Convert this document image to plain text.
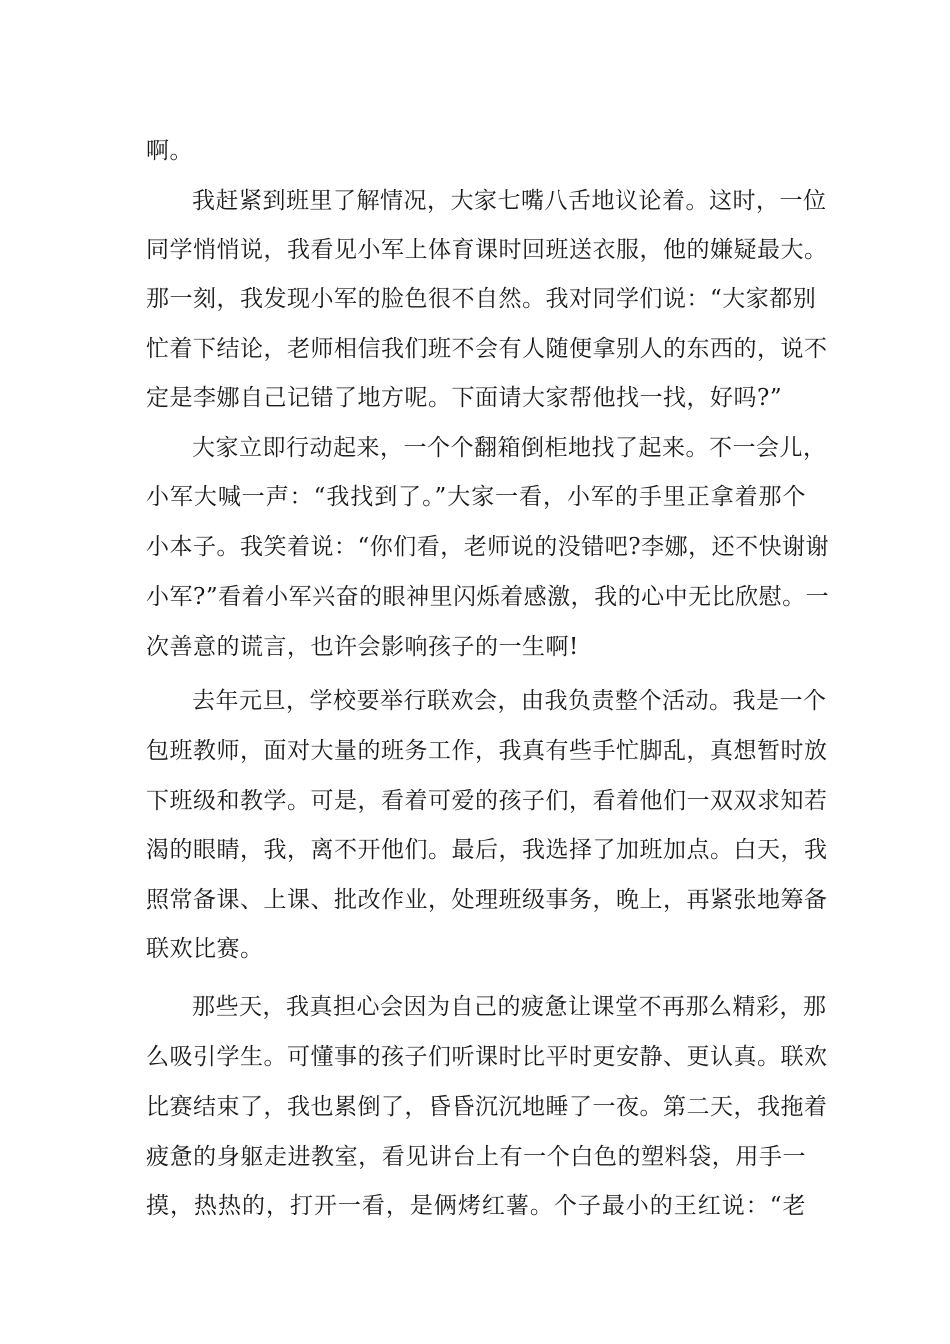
啊。
我赶紧到班里了解情况，大家七嘴八舌地议论着。这时，一位
同学悄悄说，我看见小军上体育课时回班送衣服，他的嫌疑最大。
那一刻，我发现小军的脸色很不自然。我对同学们说：“大家都别
忙着下结论，老师相信我们班不会有人随便拿别人的东西的，说不
定是李娜自己记错了地方呢。下面请大家帮他找一找，好吗?”
大家立即行动起来，一个个翻箱倒柜地找了起来。不一会儿，
小军大喊一声：“我找到了。”大家一看，小军的手里正拿着那个
小本子。我笑着说：“你们看，老师说的没错吧?李娜，还不快谢谢
小军?”看着小军兴奋的眼神里闪烁着感激，我的心中无比欣慰。一
次善意的谎言，也许会影响孩子的一生啊!
去年元旦，学校要举行联欢会，由我负责整个活动。我是一个
包班教师，面对大量的班务工作，我真有些手忙脚乱，真想暂时放
下班级和教学。可是，看着可爱的孩子们，看着他们一双双求知若
渴的眼睛，我，离不开他们。最后，我选择了加班加点。白天，我
照常备课、上课、批改作业，处理班级事务，晚上，再紧张地筹备
联欢比赛。
那些天，我真担心会因为自己的疲惫让课堂不再那么精彩，那
么吸引学生。可懂事的孩子们听课时比平时更安静、更认真。联欢
比赛结束了，我也累倒了，昏昏沉沉地睡了一夜。第二天，我拖着
疲惫的身躯走进教室，看见讲台上有一个白色的塑料袋，用手一
摸，热热的，打开一看，是俩烤红薯。个子最小的王红说：“老
